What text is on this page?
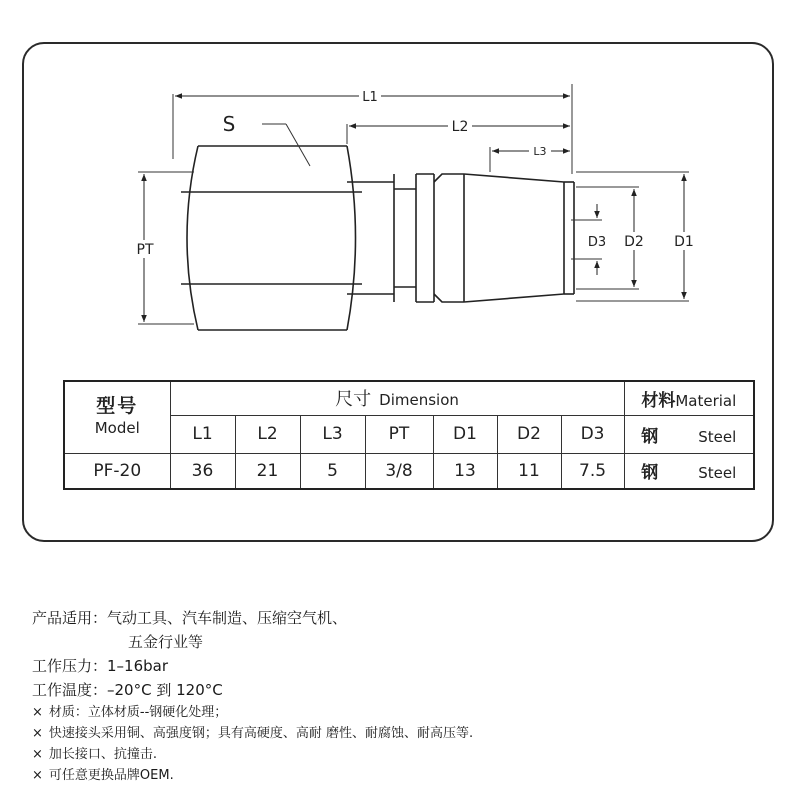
L1
L2
L3
S
PT	D1
D2
D3
型号
Model	尺寸 Dimension							材料Material
	L1	L2	L3	PT	D1	D2	D3	钢 Steel
PF-20	36	21	5	3/8	13	11	7.5	钢 Steel
产品适用：气动工具、汽车制造、压缩空气机、
五金行业等
工作压力：1–16bar
工作温度：–20°C 到 120°C
× 材质：立体材质--钢硬化处理；
× 快速接头采用铜、高强度钢；具有高硬度、高耐 磨性、耐腐蚀、耐高压等.
× 加长接口、抗撞击.
× 可任意更换品牌OEM.
